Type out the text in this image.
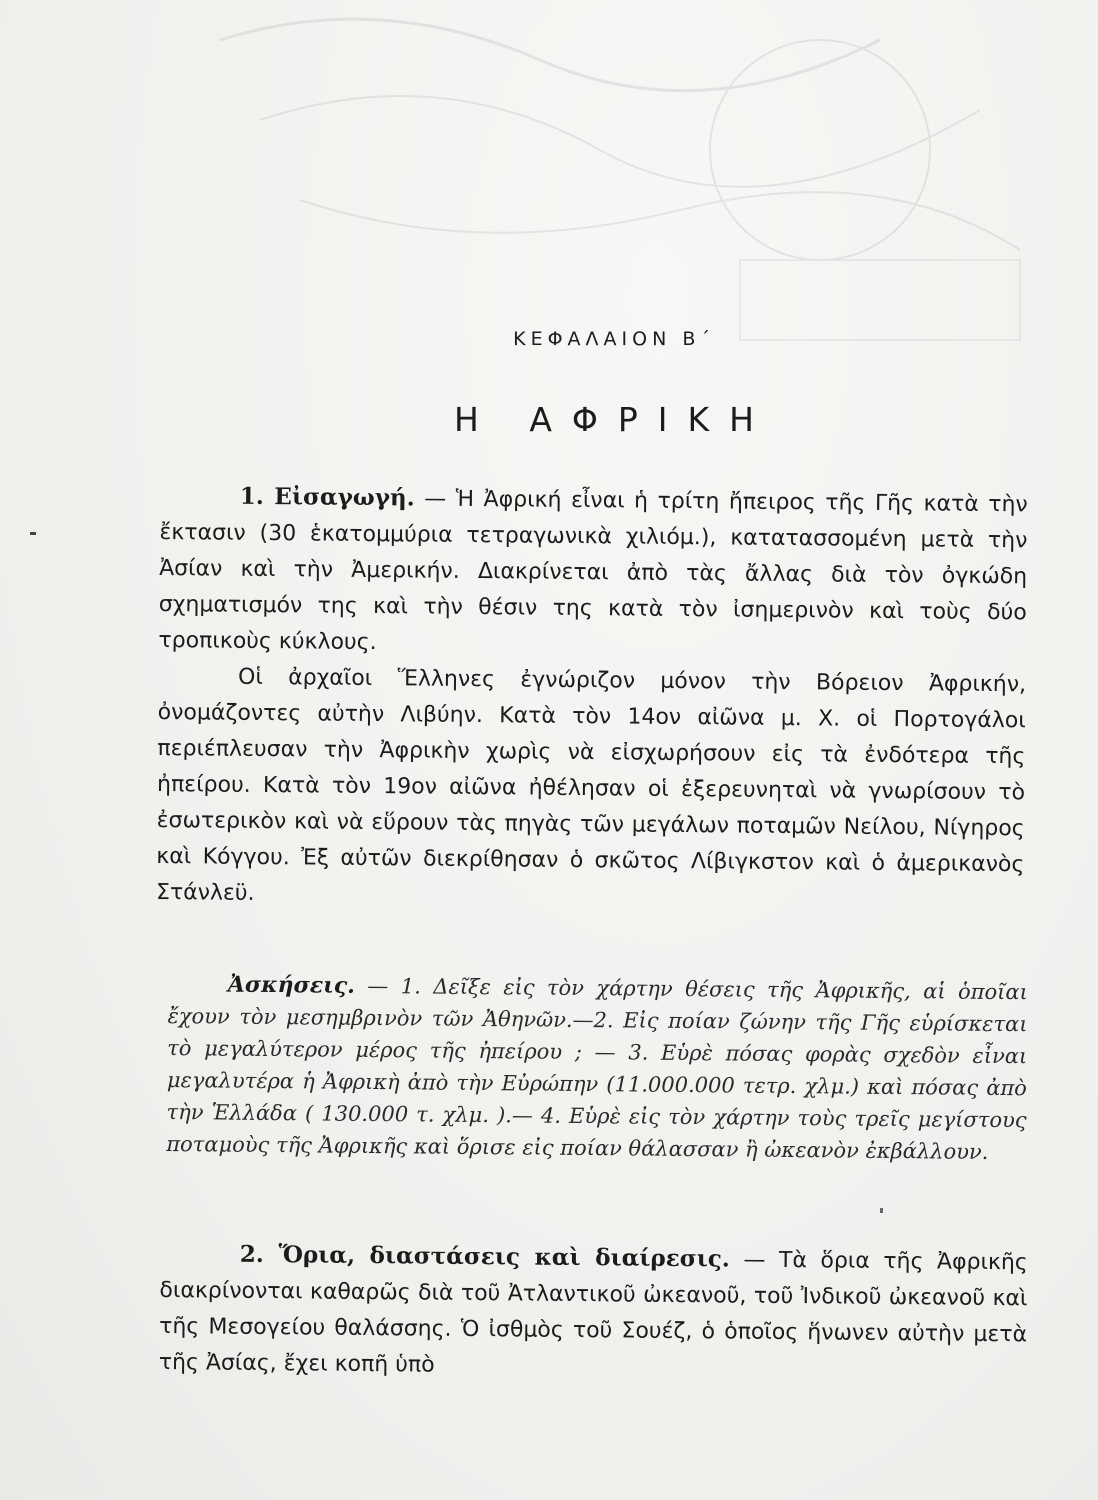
ΚΕΦΑΛΑΙΟΝ Β΄
Η ΑΦΡΙΚΗ

1. Εἰσαγωγή. — Ἡ Ἀφρική εἶναι ἡ τρίτη ἤπειρος τῆς Γῆς κατὰ τὴν ἔκτασιν (30 ἑκατομμύρια τετραγωνικὰ χιλιόμ.), κατατασσομένη μετὰ τὴν Ἀσίαν καὶ τὴν Ἀμερικήν. Διακρίνεται ἀπὸ τὰς ἄλλας διὰ τὸν ὀγκώδη σχηματισμόν της καὶ τὴν θέσιν της κατὰ τὸν ἰσημερινὸν καὶ τοὺς δύο τροπικοὺς κύκλους.

Οἱ ἀρχαῖοι Ἕλληνες ἐγνώριζον μόνον τὴν Βόρειον Ἀφρικήν, ὀνομάζοντες αὐτὴν Λιβύην. Κατὰ τὸν 14ον αἰῶνα μ. Χ. οἱ Πορτογάλοι περιέπλευσαν τὴν Ἀφρικὴν χωρὶς νὰ εἰσχωρήσουν εἰς τὰ ἐνδότερα τῆς ἠπείρου. Κατὰ τὸν 19ον αἰῶνα ἠθέλησαν οἱ ἐξερευνηταὶ νὰ γνωρίσουν τὸ ἐσωτερικὸν καὶ νὰ εὕρουν τὰς πηγὰς τῶν μεγάλων ποταμῶν Νείλου, Νίγηρος καὶ Κόγγου. Ἐξ αὐτῶν διεκρίθησαν ὁ σκῶτος Λίβιγκστον καὶ ὁ ἀμερικανὸς Στάνλεϋ.

Ἀσκήσεις. — 1. Δεῖξε εἰς τὸν χάρτην θέσεις τῆς Ἀφρικῆς, αἱ ὁποῖαι ἔχουν τὸν μεσημβρινὸν τῶν Ἀθηνῶν.—2. Εἰς ποίαν ζώνην τῆς Γῆς εὑρίσκεται τὸ μεγαλύτερον μέρος τῆς ἠπείρου ; — 3. Εὑρὲ πόσας φορὰς σχεδὸν εἶναι μεγαλυτέρα ἡ Ἀφρικὴ ἀπὸ τὴν Εὐρώπην (11.000.000 τετρ. χλμ.) καὶ πόσας ἀπὸ τὴν Ἑλλάδα ( 130.000 τ. χλμ. ).— 4. Εὑρὲ εἰς τὸν χάρτην τοὺς τρεῖς μεγίστους ποταμοὺς τῆς Ἀφρικῆς καὶ ὅρισε εἰς ποίαν θάλασσαν ἢ ὠκεανὸν ἐκβάλλουν.

2. Ὅρια, διαστάσεις καὶ διαίρεσις. — Τὰ ὅρια τῆς Ἀφρικῆς διακρίνονται καθαρῶς διὰ τοῦ Ἀτλαντικοῦ ὠκεανοῦ, τοῦ Ἰνδικοῦ ὠκεανοῦ καὶ τῆς Μεσογείου θαλάσσης. Ὁ ἰσθμὸς τοῦ Σουέζ, ὁ ὁποῖος ἥνωνεν αὐτὴν μετὰ τῆς Ἀσίας, ἔχει κοπῆ ὑπὸ
